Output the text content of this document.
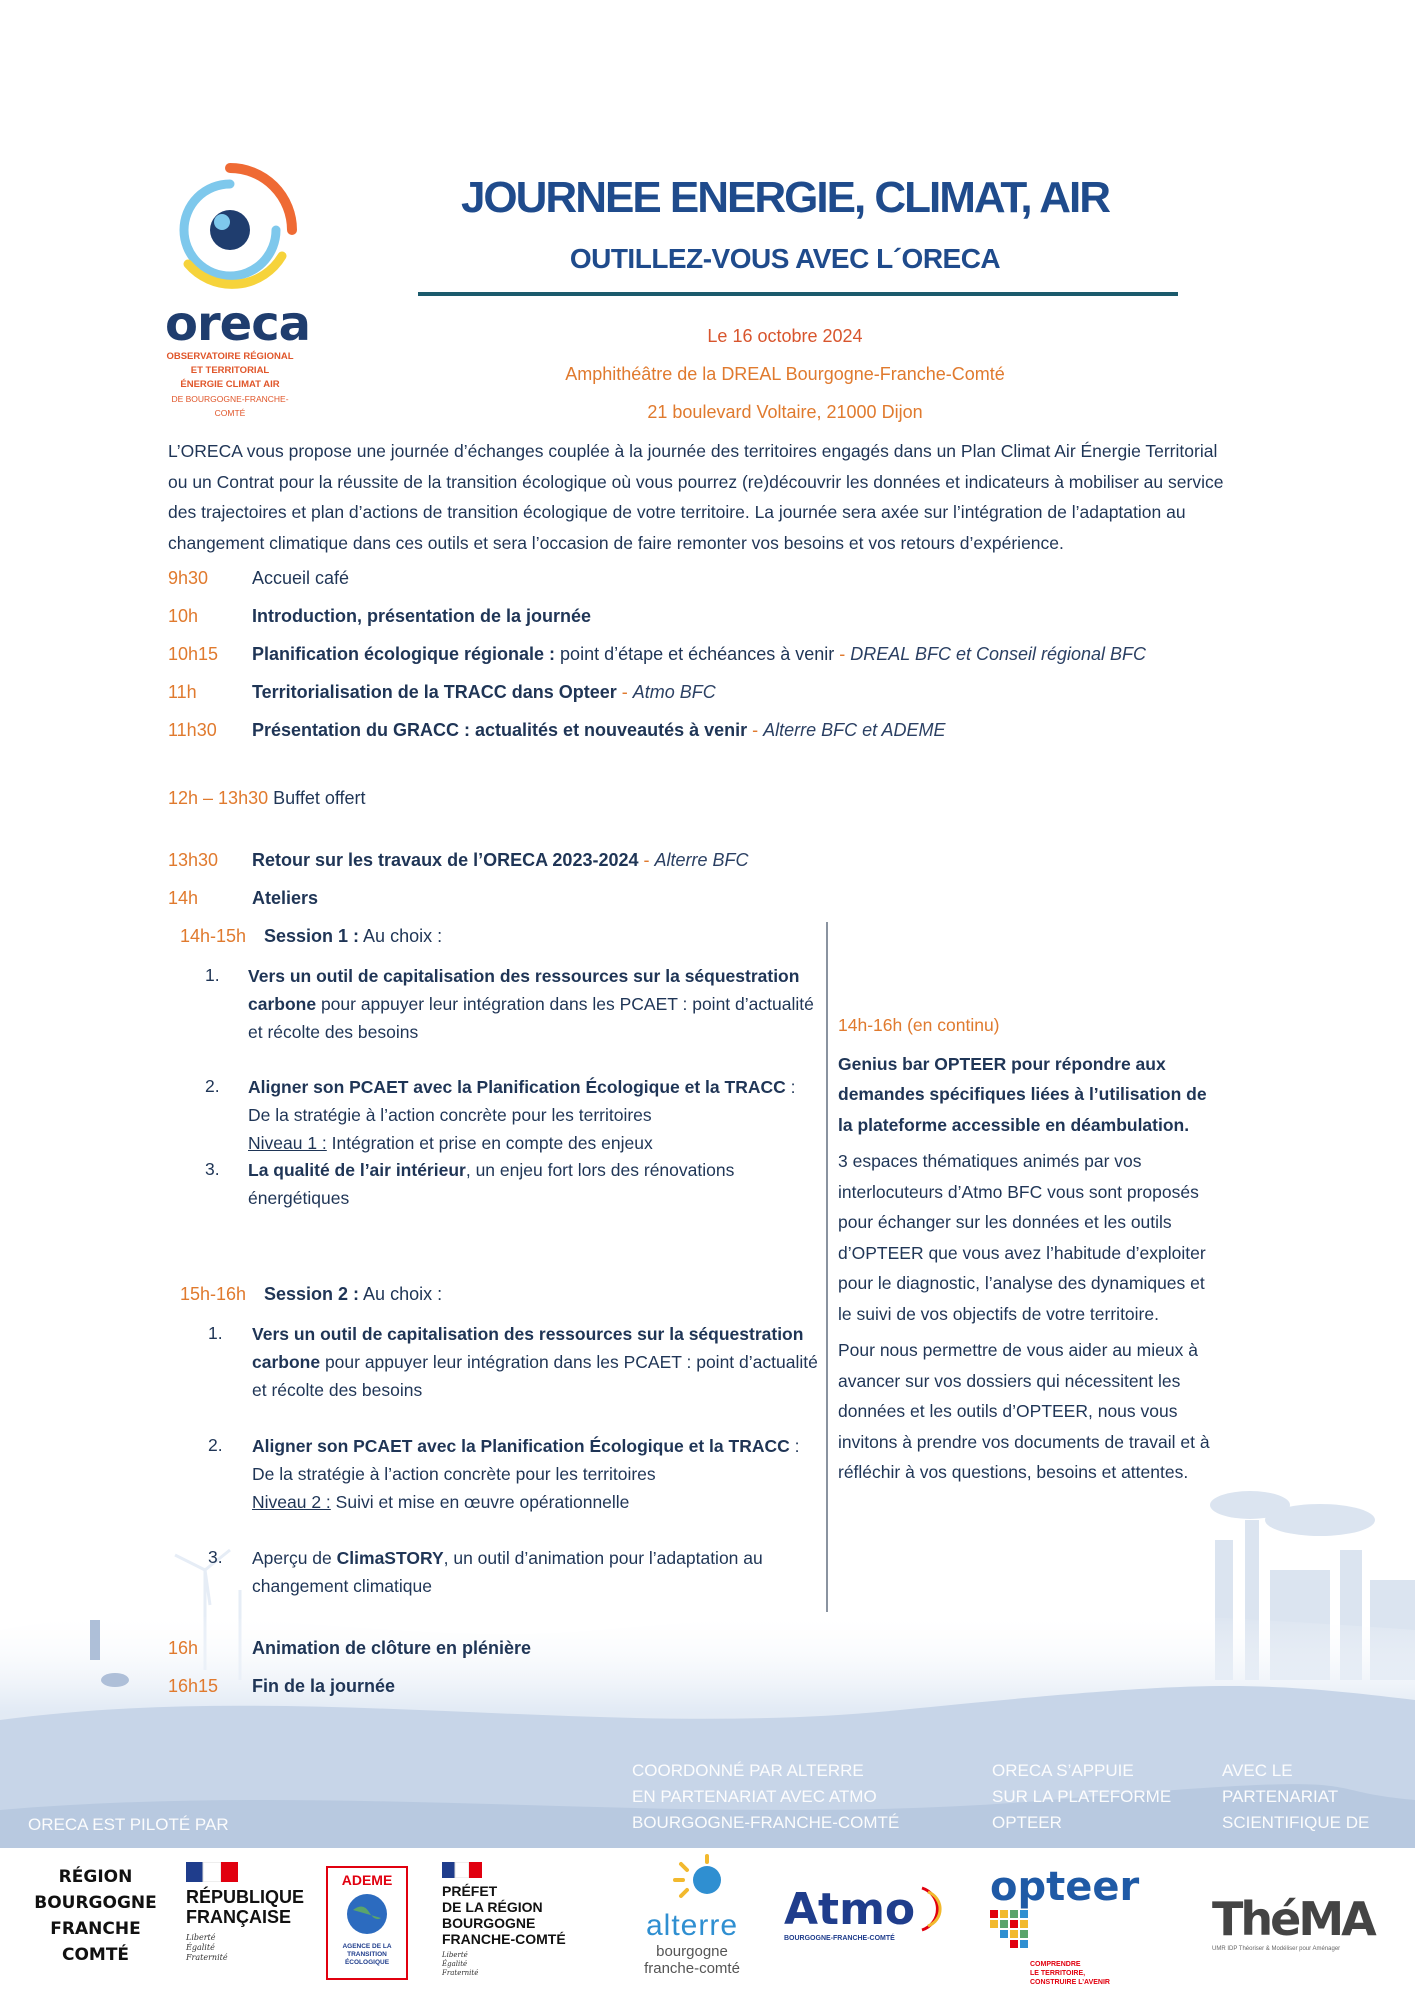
oreca
OBSERVATOIRE RÉGIONAL
ET TERRITORIAL
ÉNERGIE CLIMAT AIR
DE BOURGOGNE-FRANCHE-COMTÉ
JOURNEE ENERGIE, CLIMAT, AIR
OUTILLEZ-VOUS AVEC L´ORECA
Le 16 octobre 2024
Amphithéâtre de la DREAL Bourgogne-Franche-Comté
21 boulevard Voltaire, 21000 Dijon
L’ORECA vous propose une journée d’échanges couplée à la journée des territoires engagés dans un Plan Climat Air Énergie Territorial ou un Contrat pour la réussite de la transition écologique où vous pourrez (re)découvrir les données et indicateurs à mobiliser au service des trajectoires et plan d’actions de transition écologique de votre territoire. La journée sera axée sur l’intégration de l’adaptation au changement climatique dans ces outils et sera l’occasion de faire remonter vos besoins et vos retours d’expérience.
9h30 Accueil café
10h	Introduction, présentation de la journée
10h15 Planification écologique régionale : point d’étape et échéances à venir - DREAL BFC et Conseil régional BFC
11h	Territorialisation de la TRACC dans Opteer - Atmo BFC
11h30 Présentation du GRACC : actualités et nouveautés à venir - Alterre BFC et ADEME
12h – 13h30 Buffet offert
13h30 Retour sur les travaux de l’ORECA 2023-2024 - Alterre BFC
14h	Ateliers
14h-15h Session 1 : Au choix :
1. Vers un outil de capitalisation des ressources sur la séquestration carbone pour appuyer leur intégration dans les PCAET : point d’actualité et récolte des besoins
2. Aligner son PCAET avec la Planification Écologique et la TRACC : De la stratégie à l’action concrète pour les territoires
Niveau 1 : Intégration et prise en compte des enjeux
3. La qualité de l’air intérieur, un enjeu fort lors des rénovations énergétiques
15h-16h Session 2 : Au choix :
1. Vers un outil de capitalisation des ressources sur la séquestration carbone pour appuyer leur intégration dans les PCAET : point d’actualité et récolte des besoins
2. Aligner son PCAET avec la Planification Écologique et la TRACC : De la stratégie à l’action concrète pour les territoires
Niveau 2 : Suivi et mise en œuvre opérationnelle
3. Aperçu de ClimaSTORY, un outil d’animation pour l’adaptation au changement climatique
16h	Animation de clôture en plénière
16h15 Fin de la journée
14h-16h (en continu)
Genius bar OPTEER pour répondre aux demandes spécifiques liées à l’utilisation de la plateforme accessible en déambulation.
3 espaces thématiques animés par vos interlocuteurs d’Atmo BFC vous sont proposés pour échanger sur les données et les outils d’OPTEER que vous avez l’habitude d’exploiter pour le diagnostic, l’analyse des dynamiques et le suivi de vos objectifs de votre territoire.
Pour nous permettre de vous aider au mieux à avancer sur vos dossiers qui nécessitent les données et les outils d’OPTEER, nous vous invitons à prendre vos documents de travail et à réfléchir à vos questions, besoins et attentes.
ORECA EST PILOTÉ PAR
COORDONNÉ PAR ALTERRE
EN PARTENARIAT AVEC ATMO
BOURGOGNE-FRANCHE-COMTÉ
ORECA S’APPUIE
SUR LA PLATEFORME
OPTEER
AVEC LE
PARTENARIAT
SCIENTIFIQUE DE
RÉGION
BOURGOGNE
FRANCHE
COMTÉ
RÉPUBLIQUE
FRANÇAISE
Liberté
Égalité
Fraternité
ADEME
AGENCE DE LA
TRANSITION
ÉCOLOGIQUE
PRÉFET
DE LA RÉGION
BOURGOGNE
FRANCHE-COMTÉ
Liberté
Égalité
Fraternité
alterre
bourgogne
franche-comté
Atmo
BOURGOGNE-FRANCHE-COMTÉ
opteer
COMPRENDRE
LE TERRITOIRE,
CONSTRUIRE L’AVENIR
ThéMA
UMR IDP Théoriser & Modéliser pour Aménager
